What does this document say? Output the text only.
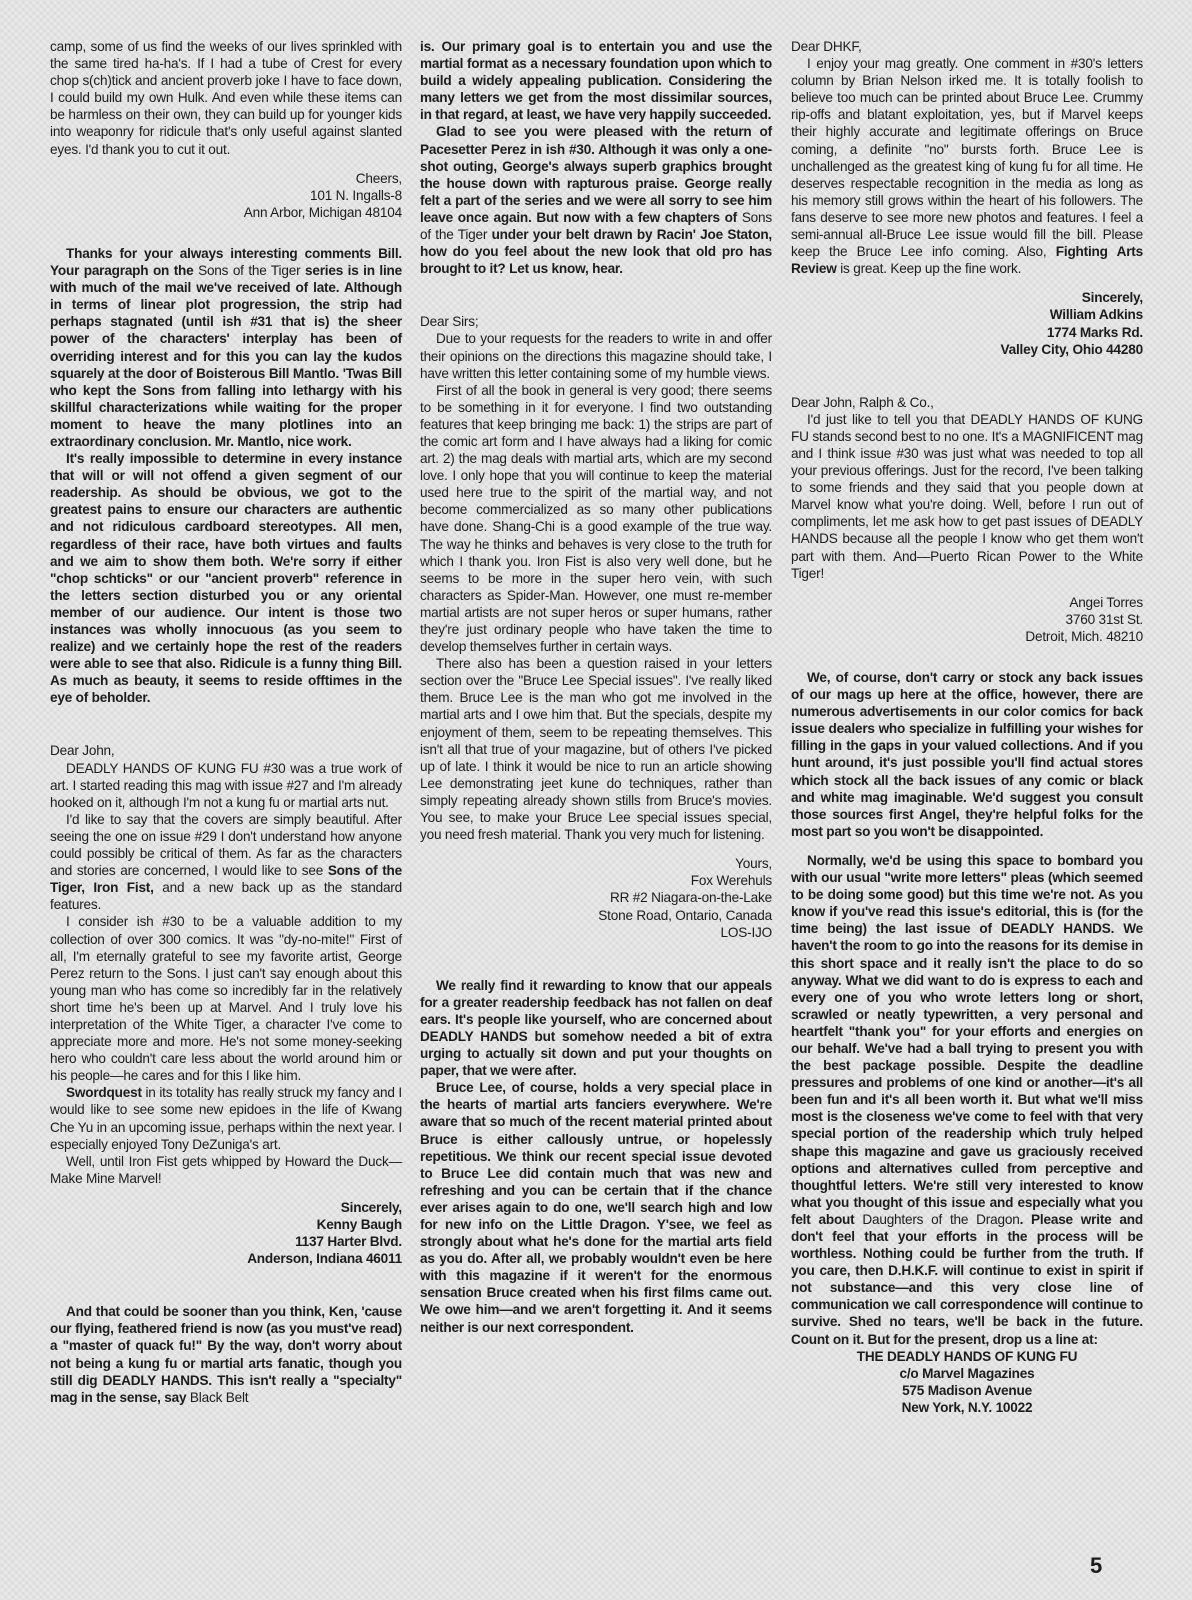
camp, some of us find the weeks of our lives sprinkled with the same tired ha-ha's. If I had a tube of Crest for every chop s(ch)tick and ancient proverb joke I have to face down, I could build my own Hulk. And even while these items can be harmless on their own, they can build up for younger kids into weaponry for ridicule that's only useful against slanted eyes. I'd thank you to cut it out.

Cheers,

101 N. Ingalls-8

Ann Arbor, Michigan 48104

Thanks for your always interesting comments Bill. Your paragraph on the Sons of the Tiger series is in line with much of the mail we've received of late. Although in terms of linear plot progression, the strip had perhaps stagnated (until ish #31 that is) the sheer power of the characters' interplay has been of overriding interest and for this you can lay the kudos squarely at the door of Boisterous Bill Mantlo. 'Twas Bill who kept the Sons from falling into lethargy with his skillful characterizations while waiting for the proper moment to heave the many plotlines into an extraordinary conclusion. Mr. Mantlo, nice work.

It's really impossible to determine in every instance that will or will not offend a given segment of our readership. As should be obvious, we got to the greatest pains to ensure our characters are authentic and not ridiculous cardboard stereotypes. All men, regardless of their race, have both virtues and faults and we aim to show them both. We're sorry if either "chop schticks" or our "ancient proverb" reference in the letters section disturbed you or any oriental member of our audience. Our intent is those two instances was wholly innocuous (as you seem to realize) and we certainly hope the rest of the readers were able to see that also. Ridicule is a funny thing Bill. As much as beauty, it seems to reside offtimes in the eye of beholder.

Dear John,

DEADLY HANDS OF KUNG FU #30 was a true work of art. I started reading this mag with issue #27 and I'm already hooked on it, although I'm not a kung fu or martial arts nut.

I'd like to say that the covers are simply beautiful. After seeing the one on issue #29 I don't understand how anyone could possibly be critical of them. As far as the characters and stories are concerned, I would like to see Sons of the Tiger, Iron Fist, and a new back up as the standard features.

I consider ish #30 to be a valuable addition to my collection of over 300 comics. It was "dy-no-mite!" First of all, I'm eternally grateful to see my favorite artist, George Perez return to the Sons. I just can't say enough about this young man who has come so incredibly far in the relatively short time he's been up at Marvel. And I truly love his interpretation of the White Tiger, a character I've come to appreciate more and more. He's not some money-seeking hero who couldn't care less about the world around him or his people—he cares and for this I like him.

Swordquest in its totality has really struck my fancy and I would like to see some new epidoes in the life of Kwang Che Yu in an upcoming issue, perhaps within the next year. I especially enjoyed Tony DeZuniga's art.

Well, until Iron Fist gets whipped by Howard the Duck—Make Mine Marvel!

Sincerely,

Kenny Baugh

1137 Harter Blvd.

Anderson, Indiana 46011

And that could be sooner than you think, Ken, 'cause our flying, feathered friend is now (as you must've read) a "master of quack fu!" By the way, don't worry about not being a kung fu or martial arts fanatic, though you still dig DEADLY HANDS. This isn't really a "specialty" mag in the sense, say Black Belt

is. Our primary goal is to entertain you and use the martial format as a necessary foundation upon which to build a widely appealing publication. Considering the many letters we get from the most dissimilar sources, in that regard, at least, we have very happily succeeded.

Glad to see you were pleased with the return of Pacesetter Perez in ish #30. Although it was only a one-shot outing, George's always superb graphics brought the house down with rapturous praise. George really felt a part of the series and we were all sorry to see him leave once again. But now with a few chapters of Sons of the Tiger under your belt drawn by Racin' Joe Staton, how do you feel about the new look that old pro has brought to it? Let us know, hear.

Dear Sirs;

Due to your requests for the readers to write in and offer their opinions on the directions this magazine should take, I have written this letter containing some of my humble views.

First of all the book in general is very good; there seems to be something in it for everyone. I find two outstanding features that keep bringing me back: 1) the strips are part of the comic art form and I have always had a liking for comic art. 2) the mag deals with martial arts, which are my second love. I only hope that you will continue to keep the material used here true to the spirit of the martial way, and not become commercialized as so many other publications have done. Shang-Chi is a good example of the true way. The way he thinks and behaves is very close to the truth for which I thank you. Iron Fist is also very well done, but he seems to be more in the super hero vein, with such characters as Spider-Man. However, one must re-member martial artists are not super heros or super humans, rather they're just ordinary people who have taken the time to develop themselves further in certain ways.

There also has been a question raised in your letters section over the "Bruce Lee Special issues". I've really liked them. Bruce Lee is the man who got me involved in the martial arts and I owe him that. But the specials, despite my enjoyment of them, seem to be repeating themselves. This isn't all that true of your magazine, but of others I've picked up of late. I think it would be nice to run an article showing Lee demonstrating jeet kune do techniques, rather than simply repeating already shown stills from Bruce's movies. You see, to make your Bruce Lee special issues special, you need fresh material. Thank you very much for listening.

Yours,

Fox Werehuls

RR #2 Niagara-on-the-Lake

Stone Road, Ontario, Canada

LOS-IJO

We really find it rewarding to know that our appeals for a greater readership feedback has not fallen on deaf ears. It's people like yourself, who are concerned about DEADLY HANDS but somehow needed a bit of extra urging to actually sit down and put your thoughts on paper, that we were after.

Bruce Lee, of course, holds a very special place in the hearts of martial arts fanciers everywhere. We're aware that so much of the recent material printed about Bruce is either callously untrue, or hopelessly repetitious. We think our recent special issue devoted to Bruce Lee did contain much that was new and refreshing and you can be certain that if the chance ever arises again to do one, we'll search high and low for new info on the Little Dragon. Y'see, we feel as strongly about what he's done for the martial arts field as you do. After all, we probably wouldn't even be here with this magazine if it weren't for the enormous sensation Bruce created when his first films came out. We owe him—and we aren't forgetting it. And it seems neither is our next correspondent.

Dear DHKF,

I enjoy your mag greatly. One comment in #30's letters column by Brian Nelson irked me. It is totally foolish to believe too much can be printed about Bruce Lee. Crummy rip-offs and blatant exploitation, yes, but if Marvel keeps their highly accurate and legitimate offerings on Bruce coming, a definite "no" bursts forth. Bruce Lee is unchallenged as the greatest king of kung fu for all time. He deserves respectable recognition in the media as long as his memory still grows within the heart of his followers. The fans deserve to see more new photos and features. I feel a semi-annual all-Bruce Lee issue would fill the bill. Please keep the Bruce Lee info coming. Also, Fighting Arts Review is great. Keep up the fine work.

Sincerely,

William Adkins

1774 Marks Rd.

Valley City, Ohio 44280

Dear John, Ralph & Co.,

I'd just like to tell you that DEADLY HANDS OF KUNG FU stands second best to no one. It's a MAGNIFICENT mag and I think issue #30 was just what was needed to top all your previous offerings. Just for the record, I've been talking to some friends and they said that you people down at Marvel know what you're doing. Well, before I run out of compliments, let me ask how to get past issues of DEADLY HANDS because all the people I know who get them won't part with them. And—Puerto Rican Power to the White Tiger!

Angei Torres

3760 31st St.

Detroit, Mich. 48210

We, of course, don't carry or stock any back issues of our mags up here at the office, however, there are numerous advertisements in our color comics for back issue dealers who specialize in fulfilling your wishes for filling in the gaps in your valued collections. And if you hunt around, it's just possible you'll find actual stores which stock all the back issues of any comic or black and white mag imaginable. We'd suggest you consult those sources first Angel, they're helpful folks for the most part so you won't be disappointed.

Normally, we'd be using this space to bombard you with our usual "write more letters" pleas (which seemed to be doing some good) but this time we're not. As you know if you've read this issue's editorial, this is (for the time being) the last issue of DEADLY HANDS. We haven't the room to go into the reasons for its demise in this short space and it really isn't the place to do so anyway. What we did want to do is express to each and every one of you who wrote letters long or short, scrawled or neatly typewritten, a very personal and heartfelt "thank you" for your efforts and energies on our behalf. We've had a ball trying to present you with the best package possible. Despite the deadline pressures and problems of one kind or another—it's all been fun and it's all been worth it. But what we'll miss most is the closeness we've come to feel with that very special portion of the readership which truly helped shape this magazine and gave us graciously received options and alternatives culled from perceptive and thoughtful letters. We're still very interested to know what you thought of this issue and especially what you felt about Daughters of the Dragon. Please write and don't feel that your efforts in the process will be worthless. Nothing could be further from the truth. If you care, then D.H.K.F. will continue to exist in spirit if not substance—and this very close line of communication we call correspondence will continue to survive. Shed no tears, we'll be back in the future. Count on it. But for the present, drop us a line at:

THE DEADLY HANDS OF KUNG FU

c/o Marvel Magazines

575 Madison Avenue

New York, N.Y. 10022

5
